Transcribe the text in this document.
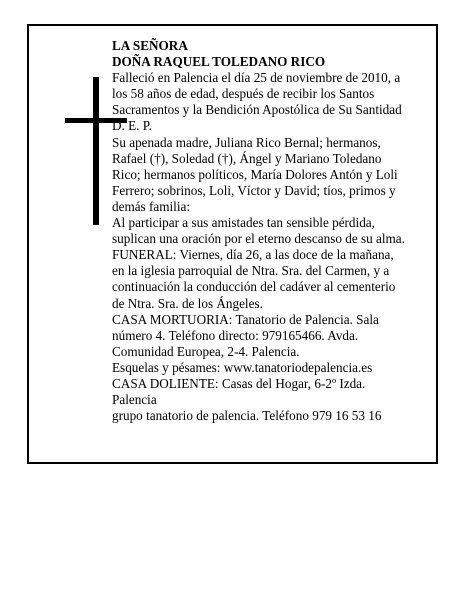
LA SEÑORA
DOÑA RAQUEL TOLEDANO RICO
Falleció en Palencia el día 25 de noviembre de 2010, a
los 58 años de edad, después de recibir los Santos
Sacramentos y la Bendición Apostólica de Su Santidad
D. E. P.
Su apenada madre, Juliana Rico Bernal; hermanos,
Rafael (†), Soledad (†), Ángel y Mariano Toledano
Rico; hermanos políticos, María Dolores Antón y Loli
Ferrero; sobrinos, Loli, Víctor y David; tíos, primos y
demás familia:
Al participar a sus amistades tan sensible pérdida,
suplican una oración por el eterno descanso de su alma.
FUNERAL: Viernes, día 26, a las doce de la mañana,
en la iglesia parroquial de Ntra. Sra. del Carmen, y a
continuación la conducción del cadáver al cementerio
de Ntra. Sra. de los Ángeles.
CASA MORTUORIA: Tanatorio de Palencia. Sala
número 4. Teléfono directo: 979165466. Avda.
Comunidad Europea, 2-4. Palencia.
Esquelas y pésames: www.tanatoriodepalencia.es
CASA DOLIENTE: Casas del Hogar, 6-2º Izda.
Palencia
grupo tanatorio de palencia. Teléfono 979 16 53 16
